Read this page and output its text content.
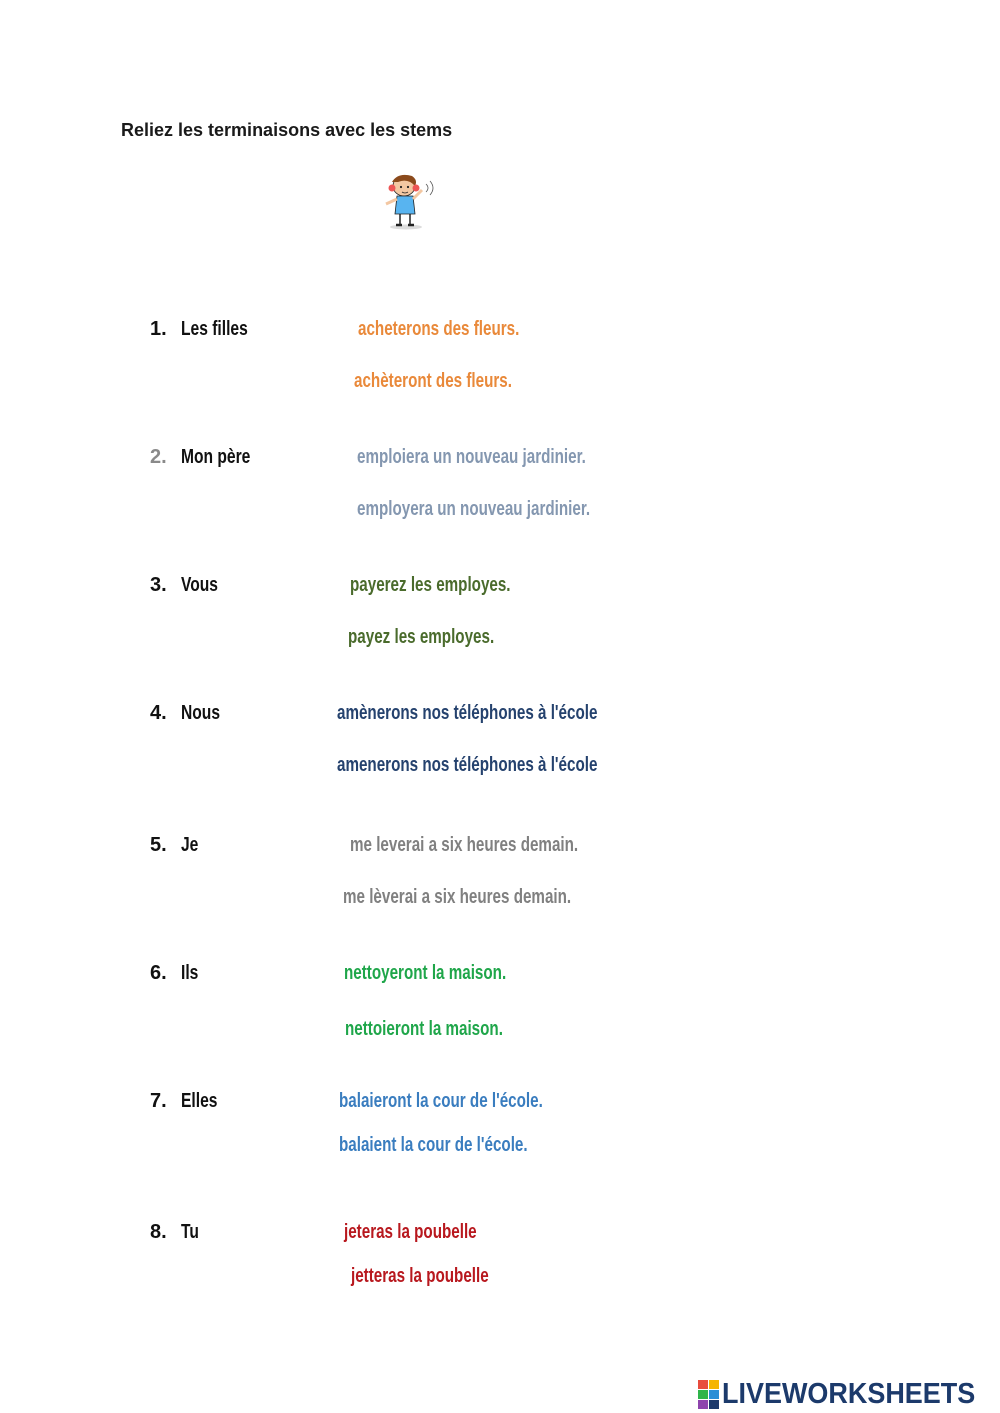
Reliez les terminaisons avec les stems
1. Les filles	acheterons des fleurs.
achèteront des fleurs.
2. Mon père	emploiera un nouveau jardinier.
employera un nouveau jardinier.
3. Vous	payerez les employes.
payez les employes.
4. Nous	amènerons nos téléphones à l'école
amenerons nos téléphones à l'école
5. Je	me leverai a six heures demain.
me lèverai a six heures demain.
6. Ils	nettoyeront la maison.
nettoieront la maison.
7. Elles	balaieront la cour de l'école.
balaient la cour de l'école.
8. Tu	jeteras la poubelle
jetteras la poubelle
LIVEWORKSHEETS
